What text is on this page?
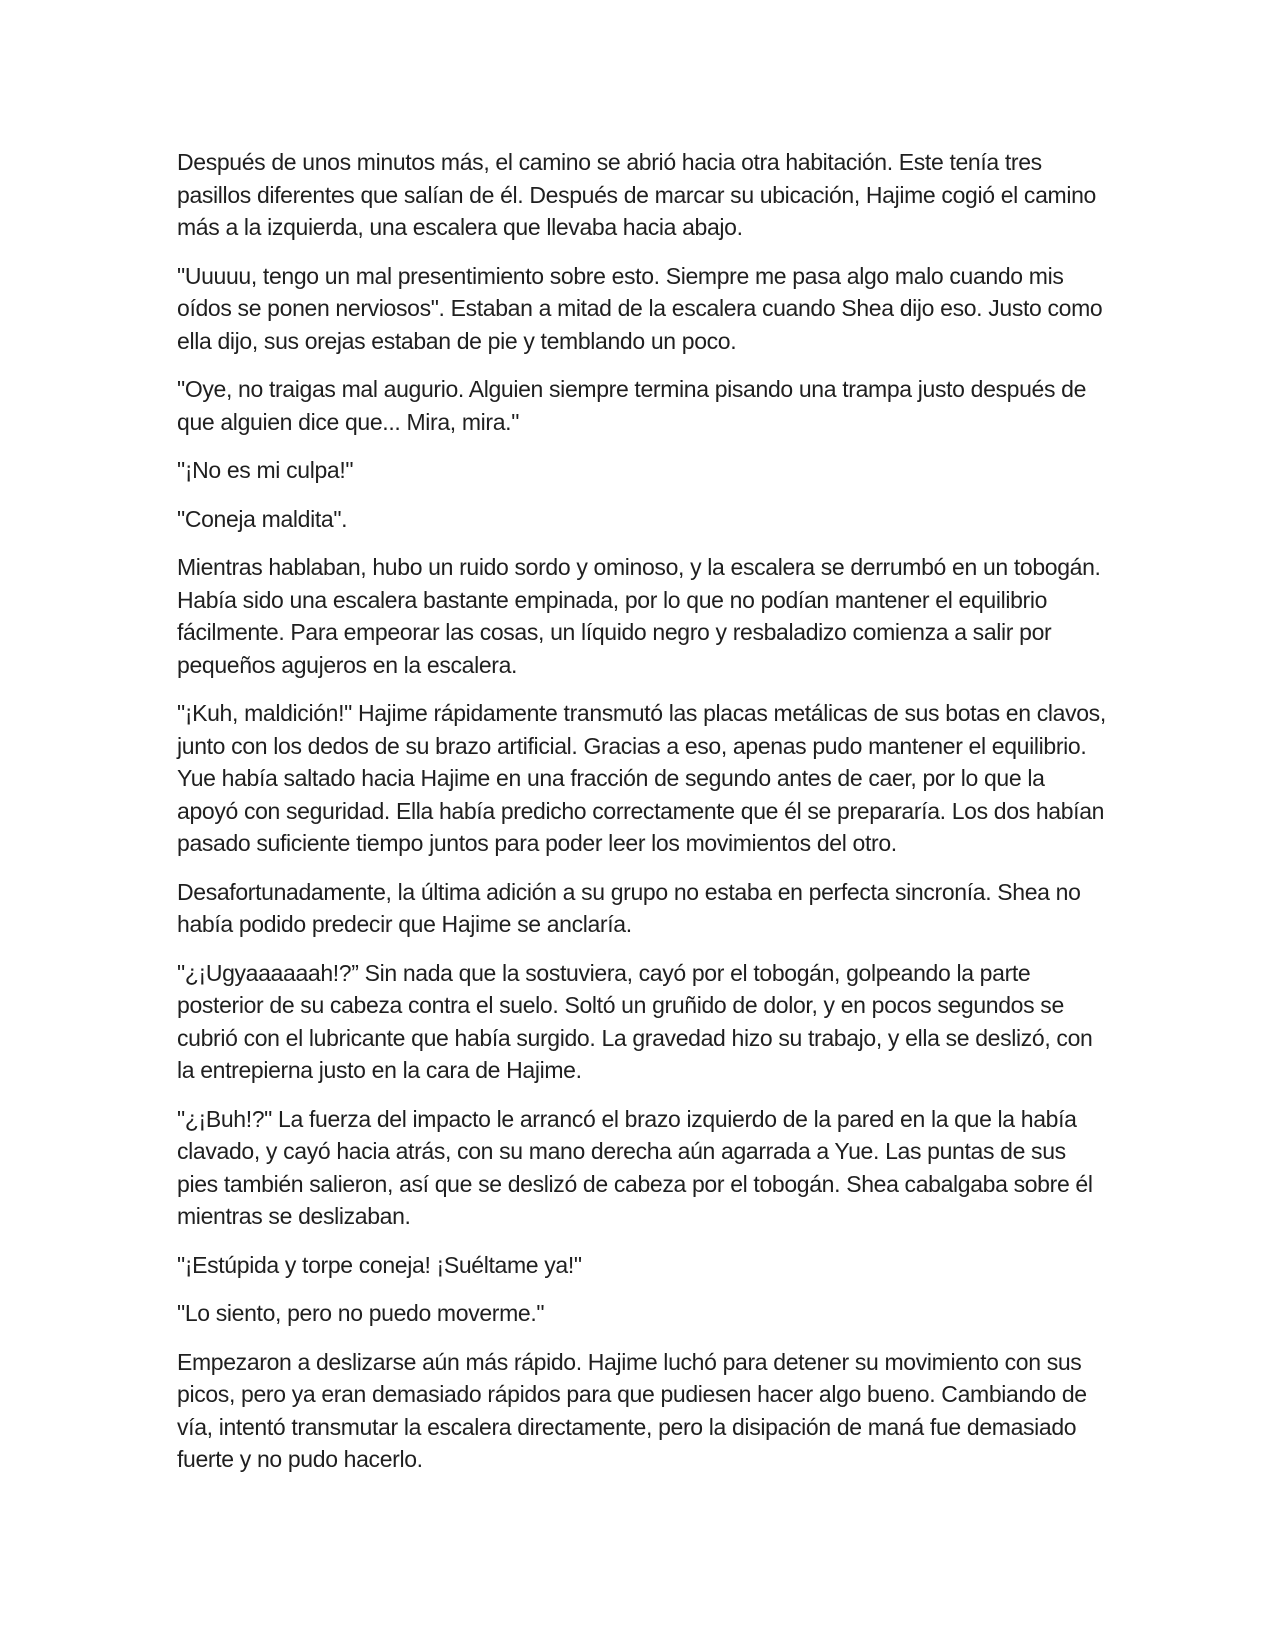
Después de unos minutos más, el camino se abrió hacia otra habitación. Este tenía tres pasillos diferentes que salían de él. Después de marcar su ubicación, Hajime cogió el camino más a la izquierda, una escalera que llevaba hacia abajo.

"Uuuuu, tengo un mal presentimiento sobre esto. Siempre me pasa algo malo cuando mis oídos se ponen nerviosos". Estaban a mitad de la escalera cuando Shea dijo eso. Justo como ella dijo, sus orejas estaban de pie y temblando un poco.

"Oye, no traigas mal augurio. Alguien siempre termina pisando una trampa justo después de que alguien dice que... Mira, mira."

"¡No es mi culpa!"

"Coneja maldita".

Mientras hablaban, hubo un ruido sordo y ominoso, y la escalera se derrumbó en un tobogán. Había sido una escalera bastante empinada, por lo que no podían mantener el equilibrio fácilmente. Para empeorar las cosas, un líquido negro y resbaladizo comienza a salir por pequeños agujeros en la escalera.

"¡Kuh, maldición!" Hajime rápidamente transmutó las placas metálicas de sus botas en clavos, junto con los dedos de su brazo artificial. Gracias a eso, apenas pudo mantener el equilibrio. Yue había saltado hacia Hajime en una fracción de segundo antes de caer, por lo que la apoyó con seguridad. Ella había predicho correctamente que él se prepararía. Los dos habían pasado suficiente tiempo juntos para poder leer los movimientos del otro.

Desafortunadamente, la última adición a su grupo no estaba en perfecta sincronía. Shea no había podido predecir que Hajime se anclaría.

"¿¡Ugyaaaaaah!?” Sin nada que la sostuviera, cayó por el tobogán, golpeando la parte posterior de su cabeza contra el suelo. Soltó un gruñido de dolor, y en pocos segundos se cubrió con el lubricante que había surgido. La gravedad hizo su trabajo, y ella se deslizó, con la entrepierna justo en la cara de Hajime.

"¿¡Buh!?" La fuerza del impacto le arrancó el brazo izquierdo de la pared en la que la había clavado, y cayó hacia atrás, con su mano derecha aún agarrada a Yue. Las puntas de sus pies también salieron, así que se deslizó de cabeza por el tobogán. Shea cabalgaba sobre él mientras se deslizaban.

"¡Estúpida y torpe coneja! ¡Suéltame ya!"

"Lo siento, pero no puedo moverme."

Empezaron a deslizarse aún más rápido. Hajime luchó para detener su movimiento con sus picos, pero ya eran demasiado rápidos para que pudiesen hacer algo bueno. Cambiando de vía, intentó transmutar la escalera directamente, pero la disipación de maná fue demasiado fuerte y no pudo hacerlo.
